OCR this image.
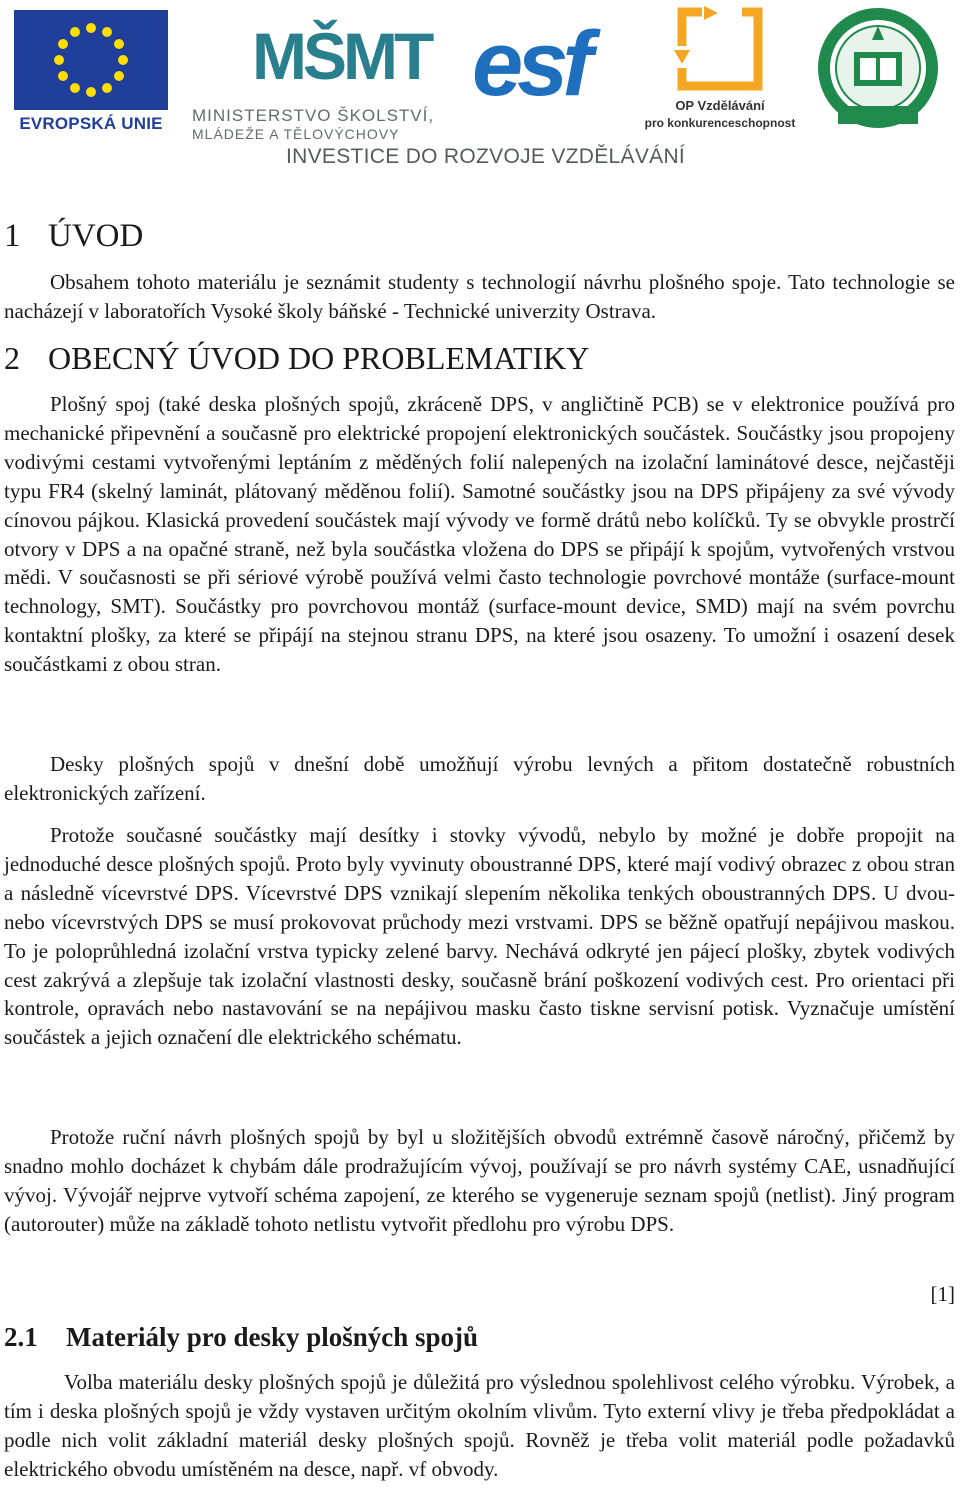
EVROPSKÁ UNIE
MŠMT
MINISTERSTVO ŠKOLSTVÍ,
MLÁDEŽE A TĚLOVÝCHOVY
esf	OP Vzdělávání
pro konkurenceschopnost
INVESTICE DO ROZVOJE VZDĚLÁVÁNÍ
1 ÚVOD

Obsahem tohoto materiálu je seznámit studenty s technologií návrhu plošného spoje. Tato technologie se nacházejí v laboratořích Vysoké školy báňské - Technické univerzity Ostrava.

2 OBECNÝ ÚVOD DO PROBLEMATIKY

Plošný spoj (také deska plošných spojů, zkráceně DPS, v angličtině PCB) se v elektronice používá pro mechanické připevnění a současně pro elektrické propojení elektronických součástek. Součástky jsou propojeny vodivými cestami vytvořenými leptáním z měděných folií nalepených na izolační laminátové desce, nejčastěji typu FR4 (skelný laminát, plátovaný měděnou folií). Samotné součástky jsou na DPS připájeny za své vývody cínovou pájkou. Klasická provedení součástek mají vývody ve formě drátů nebo kolíčků. Ty se obvykle prostrčí otvory v DPS a na opačné straně, než byla součástka vložena do DPS se připájí k spojům, vytvořených vrstvou mědi. V současnosti se při sériové výrobě používá velmi často technologie povrchové montáže (surface-mount technology, SMT). Součástky pro povrchovou montáž (surface-mount device, SMD) mají na svém povrchu kontaktní plošky, za které se připájí na stejnou stranu DPS, na které jsou osazeny. To umožní i osazení desek součástkami z obou stran.

Desky plošných spojů v dnešní době umožňují výrobu levných a přitom dostatečně robustních elektronických zařízení.

Protože současné součástky mají desítky i stovky vývodů, nebylo by možné je dobře propojit na jednoduché desce plošných spojů. Proto byly vyvinuty oboustranné DPS, které mají vodivý obrazec z obou stran a následně vícevrstvé DPS. Vícevrstvé DPS vznikají slepením několika tenkých oboustranných DPS. U dvou- nebo vícevrstvých DPS se musí prokovovat průchody mezi vrstvami. DPS se běžně opatřují nepájivou maskou. To je poloprůhledná izolační vrstva typicky zelené barvy. Nechává odkryté jen pájecí plošky, zbytek vodivých cest zakrývá a zlepšuje tak izolační vlastnosti desky, současně brání poškození vodivých cest. Pro orientaci při kontrole, opravách nebo nastavování se na nepájivou masku často tiskne servisní potisk. Vyznačuje umístění součástek a jejich označení dle elektrického schématu.

Protože ruční návrh plošných spojů by byl u složitějších obvodů extrémně časově náročný, přičemž by snadno mohlo docházet k chybám dále prodražujícím vývoj, používají se pro návrh systémy CAE, usnadňující vývoj. Vývojář nejprve vytvoří schéma zapojení, ze kterého se vygeneruje seznam spojů (netlist). Jiný program (autorouter) může na základě tohoto netlistu vytvořit předlohu pro výrobu DPS.

[1]
2.1 Materiály pro desky plošných spojů

Volba materiálu desky plošných spojů je důležitá pro výslednou spolehlivost celého výrobku. Výrobek, a tím i deska plošných spojů je vždy vystaven určitým okolním vlivům. Tyto externí vlivy je třeba předpokládat a podle nich volit základní materiál desky plošných spojů. Rovněž je třeba volit materiál podle požadavků elektrického obvodu umístěném na desce, např. vf obvody.
